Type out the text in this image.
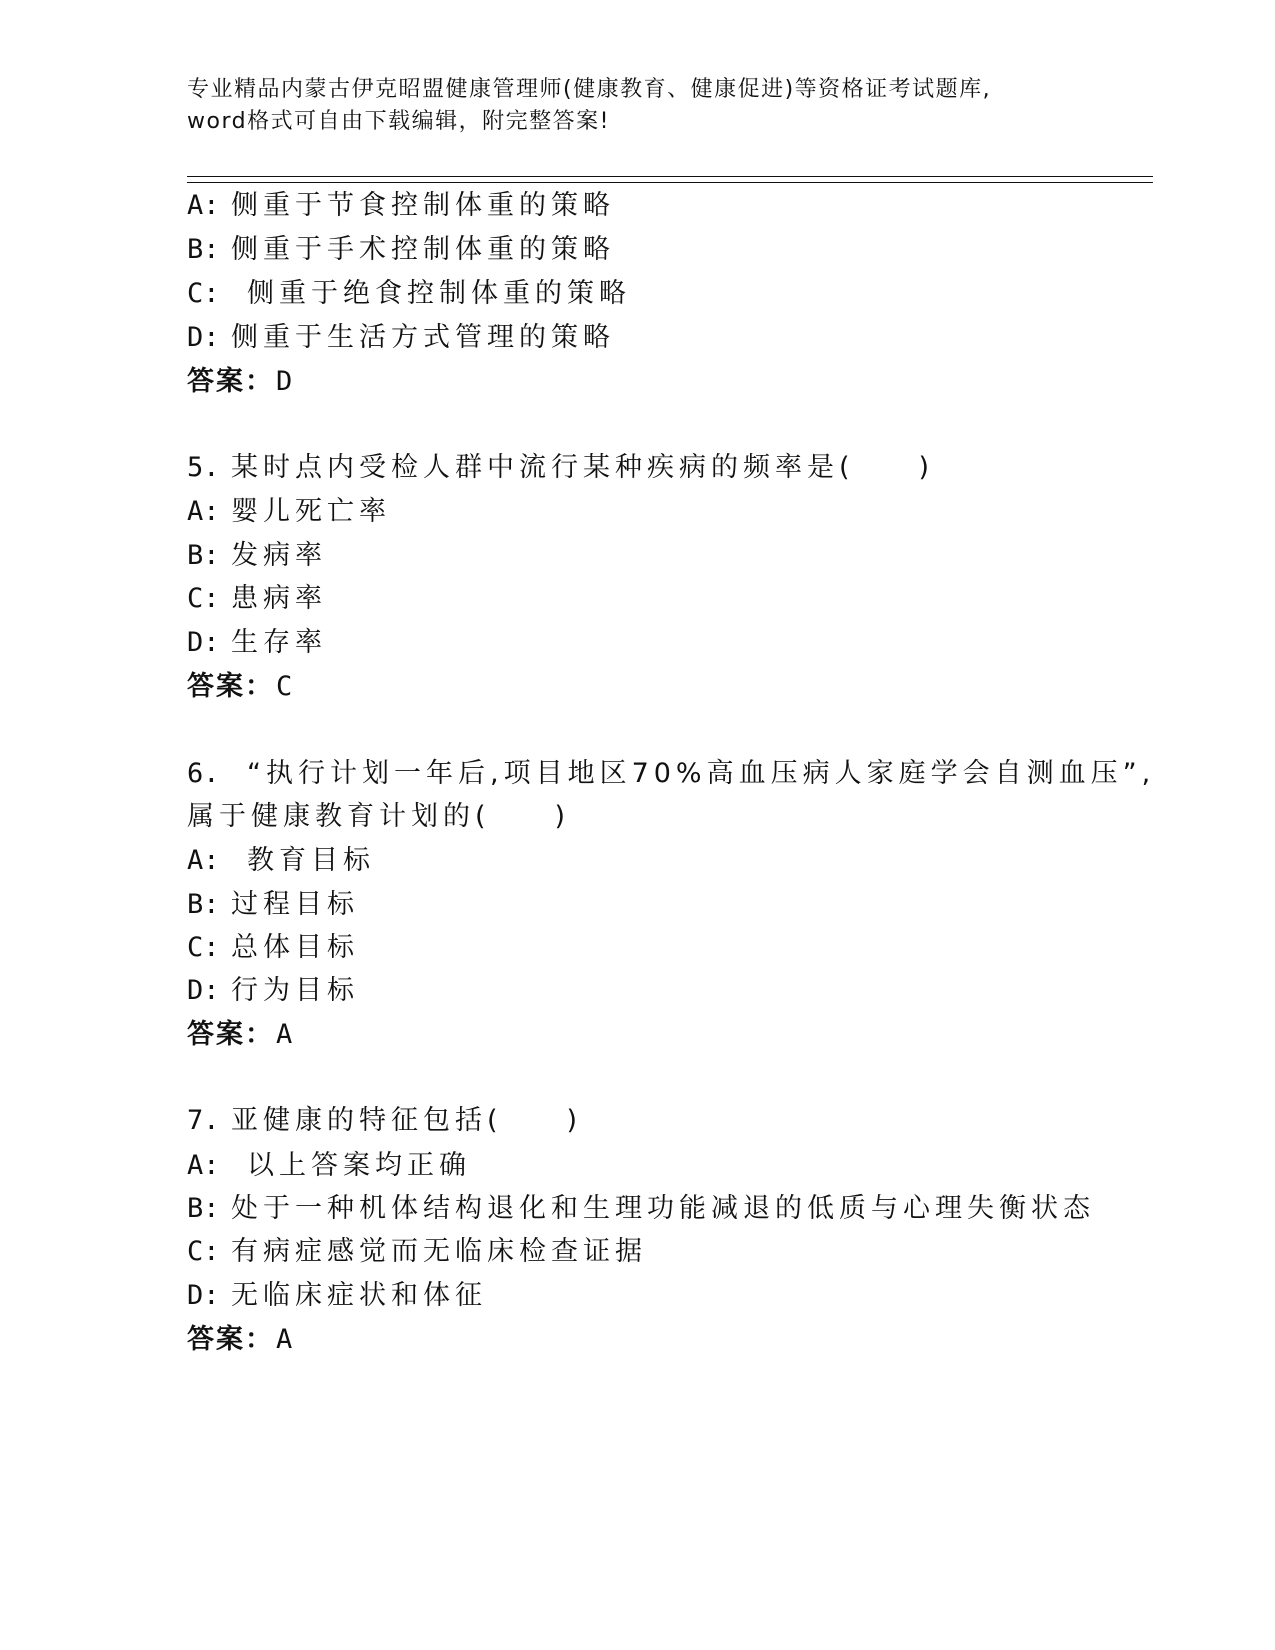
专业精品内蒙古伊克昭盟健康管理师(健康教育、健康促进)等资格证考试题库,
word格式可自由下载编辑，附完整答案!
A: 侧重于节食控制体重的策略
B: 侧重于手术控制体重的策略
C: 侧重于绝食控制体重的策略
D: 侧重于生活方式管理的策略
答案：D
5. 某时点内受检人群中流行某种疾病的频率是(　　)
A: 婴儿死亡率
B: 发病率
C: 患病率
D: 生存率
答案：C
6. “执行计划一年后,项目地区70%高血压病人家庭学会自测血压”,
属于健康教育计划的(　　)
A: 教育目标
B: 过程目标
C: 总体目标
D: 行为目标
答案：A
7. 亚健康的特征包括(　　)
A: 以上答案均正确
B: 处于一种机体结构退化和生理功能减退的低质与心理失衡状态
C: 有病症感觉而无临床检查证据
D: 无临床症状和体征
答案：A
